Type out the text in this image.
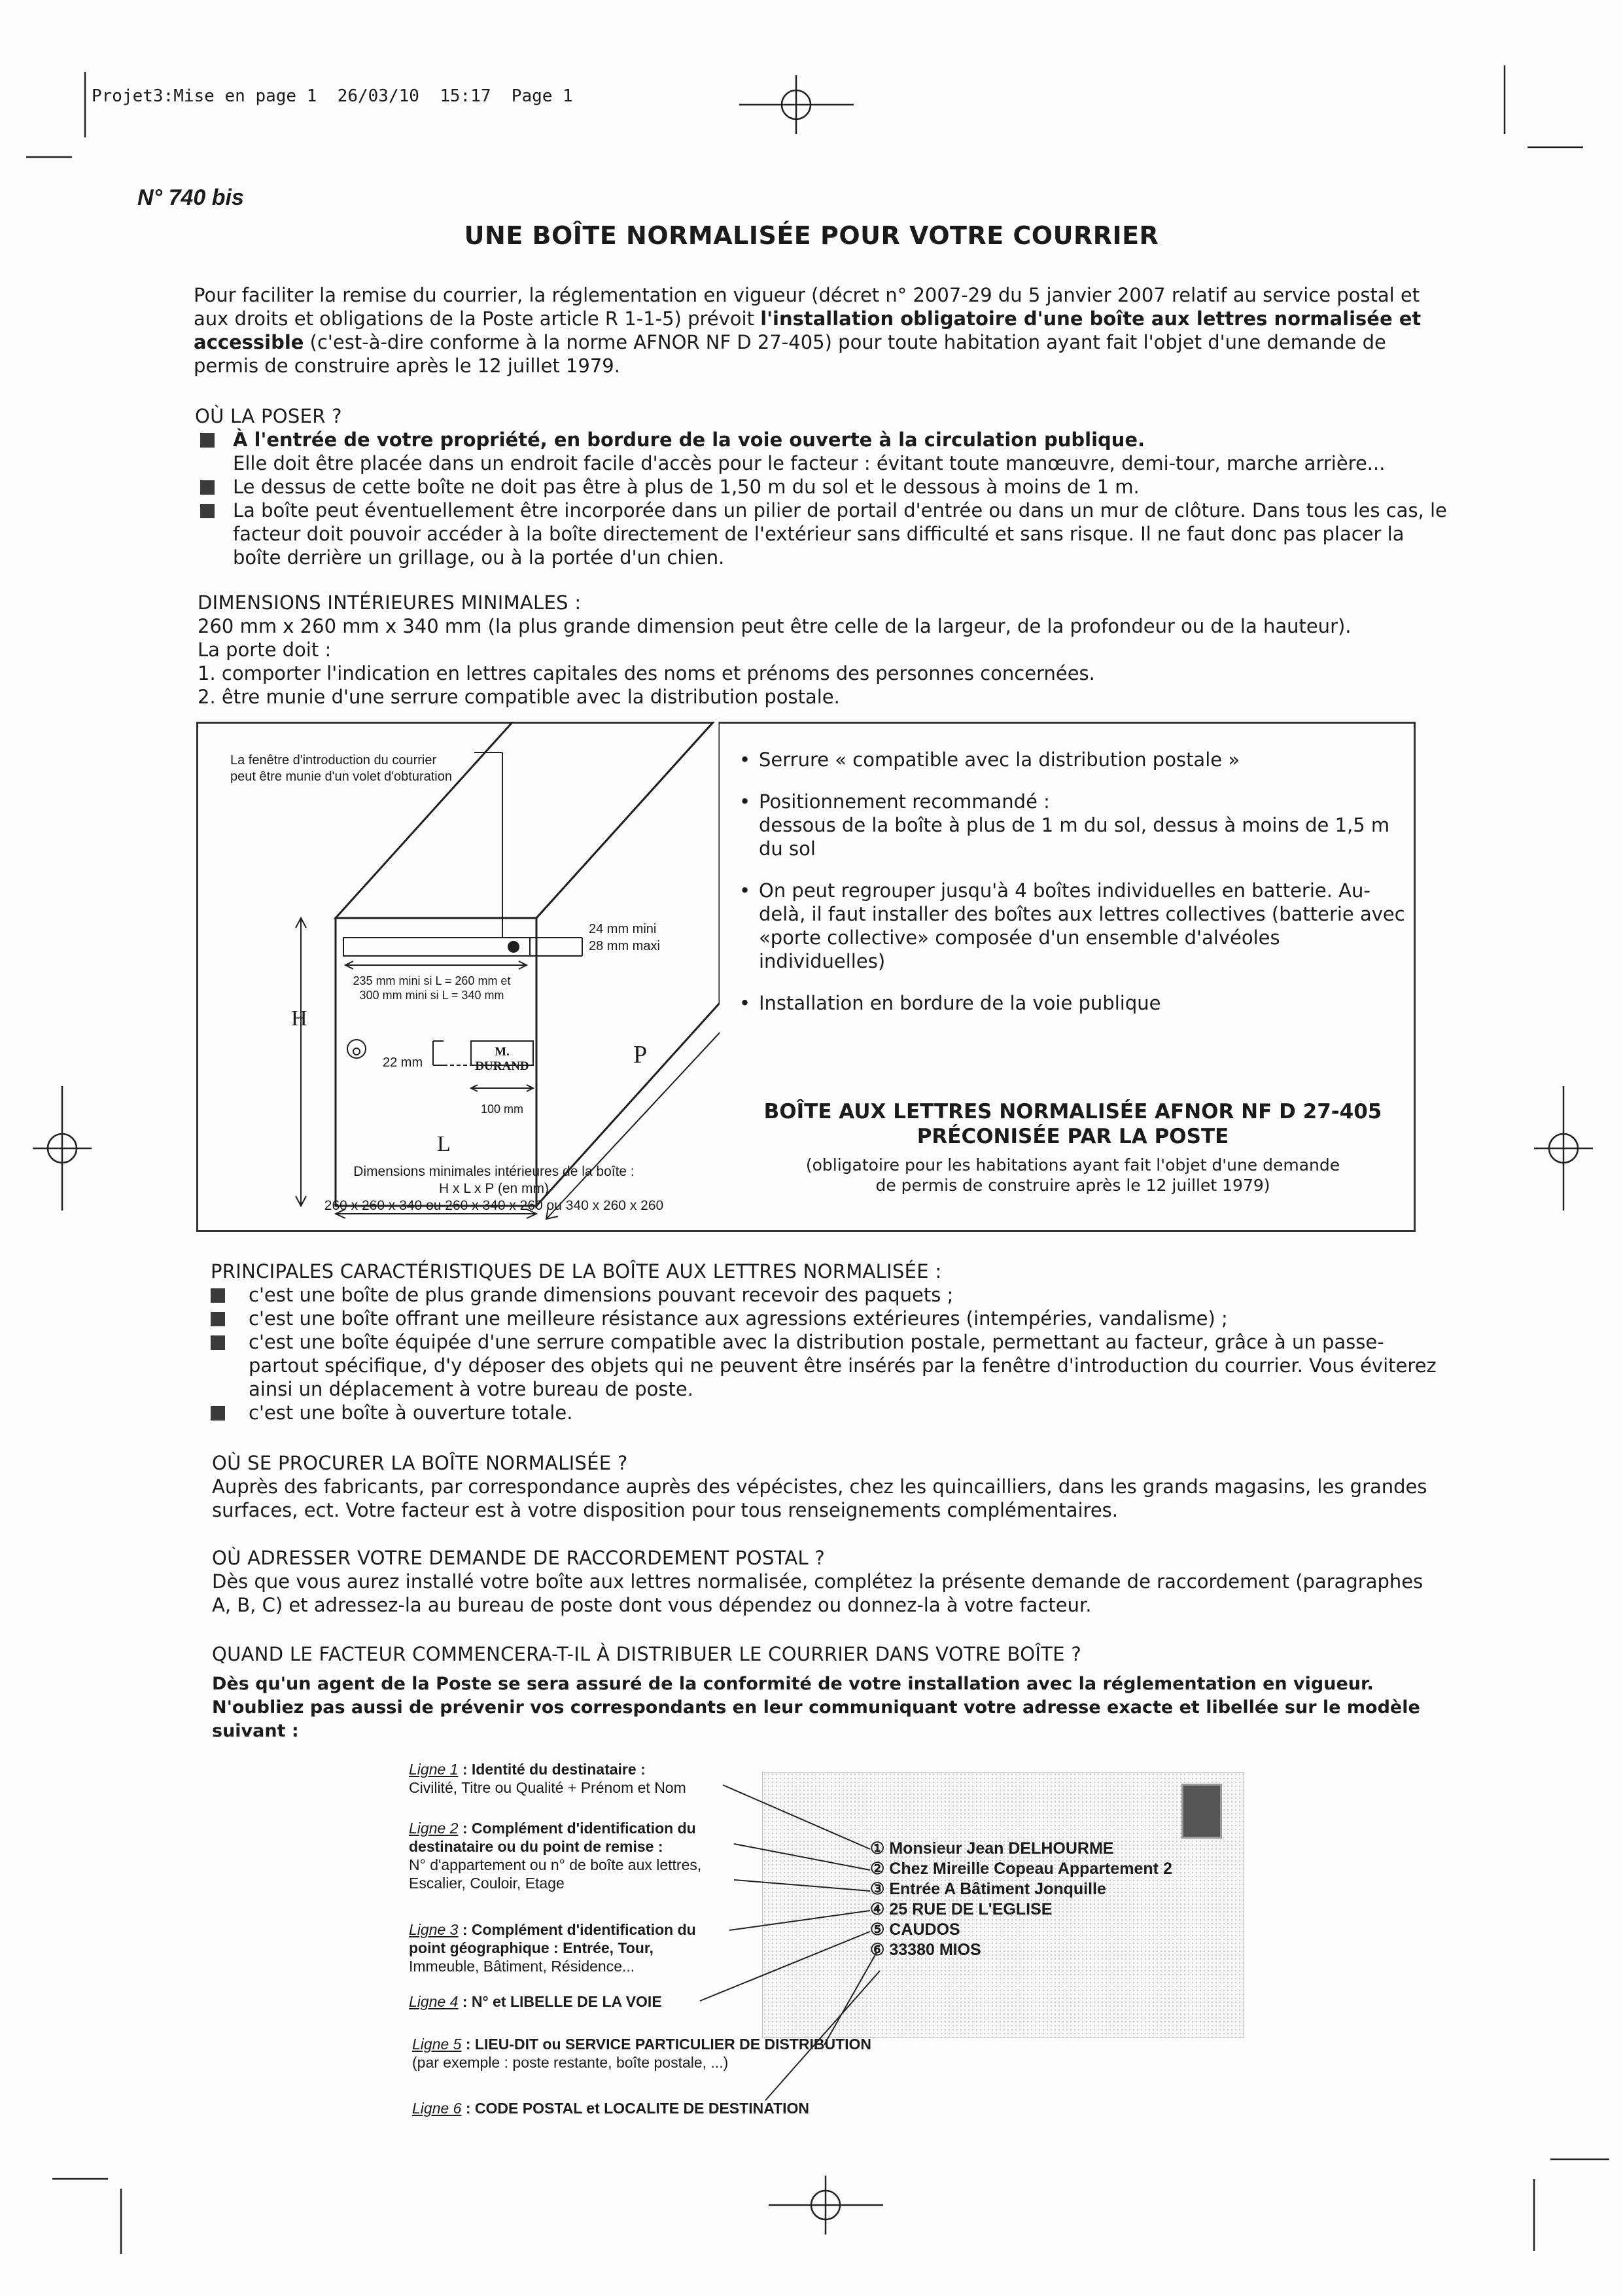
Projet3:Mise en page 1  26/03/10  15:17  Page 1
N° 740 bis
UNE BOÎTE NORMALISÉE POUR VOTRE COURRIER
Pour faciliter la remise du courrier, la réglementation en vigueur (décret n° 2007-29 du 5 janvier 2007 relatif au service postal et aux droits et obligations de la Poste article R 1-1-5) prévoit l'installation obligatoire d'une boîte aux lettres normalisée et accessible (c'est-à-dire conforme à la norme AFNOR NF D 27-405) pour toute habitation ayant fait l'objet d'une demande de permis de construire après le 12 juillet 1979.

OÙ LA POSER ?

À l'entrée de votre propriété, en bordure de la voie ouverte à la circulation publique.
Elle doit être placée dans un endroit facile d'accès pour le facteur : évitant toute manœuvre, demi-tour, marche arrière...
Le dessus de cette boîte ne doit pas être à plus de 1,50 m du sol et le dessous à moins de 1 m.
La boîte peut éventuellement être incorporée dans un pilier de portail d'entrée ou dans un mur de clôture. Dans tous les cas, le facteur doit pouvoir accéder à la boîte directement de l'extérieur sans difficulté et sans risque. Il ne faut donc pas placer la boîte derrière un grillage, ou à la portée d'un chien.

DIMENSIONS INTÉRIEURES MINIMALES :

260 mm x 260 mm x 340 mm (la plus grande dimension peut être celle de la largeur, de la profondeur ou de la hauteur).

La porte doit :

1. comporter l'indication en lettres capitales des noms et prénoms des personnes concernées.

2. être munie d'une serrure compatible avec la distribution postale.

La fenêtre d'introduction du courrier

peut être munie d'un volet d'obturation

24 mm mini
28 mm maxi

235 mm mini si L = 260 mm et

300 mm mini si L = 340 mm

H
P
L
22 mm
M. DURAND
100 mm

Dimensions minimales intérieures de la boîte :

H x L x P (en mm)

260 x 260 x 340 ou 260 x 340 x 260 ou 340 x 260 x 260

• Serrure « compatible avec la distribution postale »
• Positionnement recommandé :
dessous de la boîte à plus de 1 m du sol, dessus à moins de 1,5 m du sol
• On peut regrouper jusqu'à 4 boîtes individuelles en batterie. Au-delà, il faut installer des boîtes aux lettres collectives (batterie avec «porte collective» composée d'un ensemble d'alvéoles individuelles)
• Installation en bordure de la voie publique

BOÎTE AUX LETTRES NORMALISÉE AFNOR NF D 27-405

PRÉCONISÉE PAR LA POSTE

(obligatoire pour les habitations ayant fait l'objet d'une demande

de permis de construire après le 12 juillet 1979)

PRINCIPALES CARACTÉRISTIQUES DE LA BOÎTE AUX LETTRES NORMALISÉE :

c'est une boîte de plus grande dimensions pouvant recevoir des paquets ;
c'est une boîte offrant une meilleure résistance aux agressions extérieures (intempéries, vandalisme) ;
c'est une boîte équipée d'une serrure compatible avec la distribution postale, permettant au facteur, grâce à un passe-partout spécifique, d'y déposer des objets qui ne peuvent être insérés par la fenêtre d'introduction du courrier. Vous éviterez ainsi un déplacement à votre bureau de poste.
c'est une boîte à ouverture totale.

OÙ SE PROCURER LA BOÎTE NORMALISÉE ?

Auprès des fabricants, par correspondance auprès des vépécistes, chez les quincailliers, dans les grands magasins, les grandes surfaces, ect. Votre facteur est à votre disposition pour tous renseignements complémentaires.

OÙ ADRESSER VOTRE DEMANDE DE RACCORDEMENT POSTAL ?

Dès que vous aurez installé votre boîte aux lettres normalisée, complétez la présente demande de raccordement (paragraphes A, B, C) et adressez-la au bureau de poste dont vous dépendez ou donnez-la à votre facteur.

QUAND LE FACTEUR COMMENCERA-T-IL À DISTRIBUER LE COURRIER DANS VOTRE BOÎTE ?

Dès qu'un agent de la Poste se sera assuré de la conformité de votre installation avec la réglementation en vigueur.

N'oubliez pas aussi de prévenir vos correspondants en leur communiquant votre adresse exacte et libellée sur le modèle suivant :

① Monsieur Jean DELHOURME

② Chez Mireille Copeau Appartement 2

③ Entrée A Bâtiment Jonquille

④ 25 RUE DE L'EGLISE

⑤ CAUDOS

⑥ 33380 MIOS

Ligne 1 : Identité du destinataire :

Civilité, Titre ou Qualité + Prénom et Nom

Ligne 2 : Complément d'identification du

destinataire ou du point de remise :

N° d'appartement ou n° de boîte aux lettres,

Escalier, Couloir, Etage

Ligne 3 : Complément d'identification du

point géographique : Entrée, Tour,

Immeuble, Bâtiment, Résidence...

Ligne 4 : N° et LIBELLE DE LA VOIE

Ligne 5 : LIEU-DIT ou SERVICE PARTICULIER DE DISTRIBUTION

(par exemple : poste restante, boîte postale, ...)

Ligne 6 : CODE POSTAL et LOCALITE DE DESTINATION
